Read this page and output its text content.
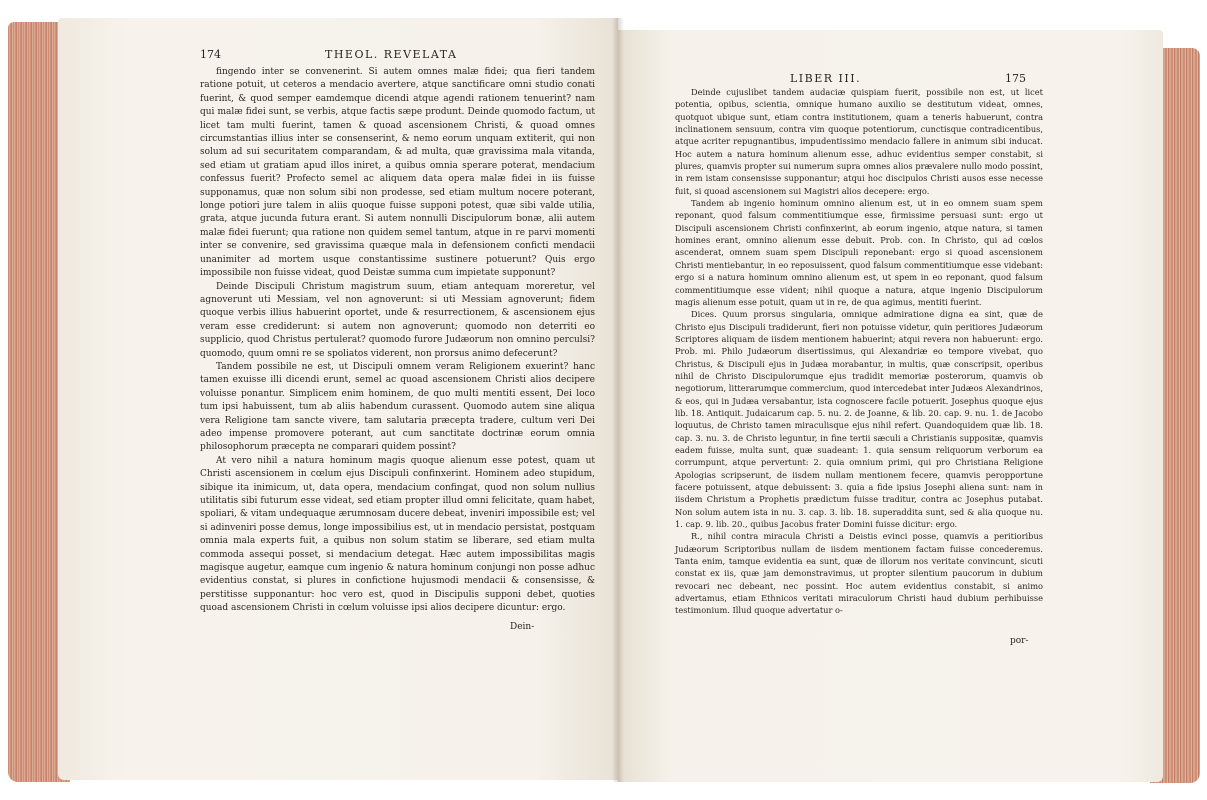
174	THEOL. REVELATA

fingendo inter se convenerint. Si autem omnes malæ fidei; qua fieri tandem ratione potuit, ut ceteros a mendacio avertere, atque sanctificare omni studio conati fuerint, & quod semper eamdemque dicendi atque agendi rationem tenuerint? nam qui malæ fidei sunt, se verbis, atque factis sæpe produnt. Deinde quomodo factum, ut licet tam multi fuerint, tamen & quoad ascensionem Christi, & quoad omnes circumstantias illius inter se consenserint, & nemo eorum unquam extiterit, qui non solum ad sui securitatem comparandam, & ad multa, quæ gravissima mala vitanda, sed etiam ut gratiam apud illos iniret, a quibus omnia sperare poterat, mendacium confessus fuerit? Profecto semel ac aliquem data opera malæ fidei in iis fuisse supponamus, quæ non solum sibi non prodesse, sed etiam multum nocere poterant, longe potiori jure talem in aliis quoque fuisse supponi potest, quæ sibi valde utilia, grata, atque jucunda futura erant. Si autem nonnulli Discipulorum bonæ, alii autem malæ fidei fuerunt; qua ratione non quidem semel tantum, atque in re parvi momenti inter se convenire, sed gravissima quæque mala in defensionem conficti mendacii unanimiter ad mortem usque constantissime sustinere potuerunt? Quis ergo impossibile non fuisse videat, quod Deistæ summa cum impietate supponunt?

Deinde Discipuli Christum magistrum suum, etiam antequam moreretur, vel agnoverunt uti Messiam, vel non agnoverunt: si uti Messiam agnoverunt; fidem quoque verbis illius habuerint oportet, unde & resurrectionem, & ascensionem ejus veram esse crediderunt: si autem non agnoverunt; quomodo non deterriti eo supplicio, quod Christus pertulerat? quomodo furore Judæorum non omnino perculsi? quomodo, quum omni re se spoliatos viderent, non prorsus animo defecerunt?

Tandem possibile ne est, ut Discipuli omnem veram Religionem exuerint? hanc tamen exuisse illi dicendi erunt, semel ac quoad ascensionem Christi alios decipere voluisse ponantur. Simplicem enim hominem, de quo multi mentiti essent, Dei loco tum ipsi habuissent, tum ab aliis habendum curassent. Quomodo autem sine aliqua vera Religione tam sancte vivere, tam salutaria præcepta tradere, cultum veri Dei adeo impense promovere poterant, aut cum sanctitate doctrinæ eorum omnia philosophorum præcepta ne comparari quidem possint?

At vero nihil a natura hominum magis quoque alienum esse potest, quam ut Christi ascensionem in cœlum ejus Discipuli confinxerint. Hominem adeo stupidum, sibique ita inimicum, ut, data opera, mendacium confingat, quod non solum nullius utilitatis sibi futurum esse videat, sed etiam propter illud omni felicitate, quam habet, spoliari, & vitam undequaque ærumnosam ducere debeat, inveniri impossibile est; vel si adinveniri posse demus, longe impossibilius est, ut in mendacio persistat, postquam omnia mala experts fuit, a quibus non solum statim se liberare, sed etiam multa commoda assequi posset, si mendacium detegat. Hæc autem impossibilitas magis magisque augetur, eamque cum ingenio & natura hominum conjungi non posse adhuc evidentius constat, si plures in confictione hujusmodi mendacii & consensisse, & perstitisse supponantur: hoc vero est, quod in Discipulis supponi debet, quoties quoad ascensionem Christi in cœlum voluisse ipsi alios decipere dicuntur: ergo.

Dein-
LIBER III.	175

Deinde cujuslibet tandem audaciæ quispiam fuerit, possibile non est, ut licet potentia, opibus, scientia, omnique humano auxilio se destitutum videat, omnes, quotquot ubique sunt, etiam contra institutionem, quam a teneris habuerunt, contra inclinationem sensuum, contra vim quoque potentiorum, cunctisque contradicentibus, atque acriter repugnantibus, impudentissimo mendacio fallere in animum sibi inducat. Hoc autem a natura hominum alienum esse, adhuc evidentius semper constabit, si plures, quamvis propter sui numerum supra omnes alios prævalere nullo modo possint, in rem istam consensisse supponantur; atqui hoc discipulos Christi ausos esse necesse fuit, si quoad ascensionem sui Magistri alios decepere: ergo.

Tandem ab ingenio hominum omnino alienum est, ut in eo omnem suam spem reponant, quod falsum commentitiumque esse, firmissime persuasi sunt: ergo ut Discipuli ascensionem Christi confinxerint, ab eorum ingenio, atque natura, si tamen homines erant, omnino alienum esse debuit. Prob. con. In Christo, qui ad cœlos ascenderat, omnem suam spem Discipuli reponebant: ergo si quoad ascensionem Christi mentiebantur, in eo reposuissent, quod falsum commentitiumque esse videbant: ergo si a natura hominum omnino alienum est, ut spem in eo reponant, quod falsum commentitiumque esse vident; nihil quoque a natura, atque ingenio Discipulorum magis alienum esse potuit, quam ut in re, de qua agimus, mentiti fuerint.

Dices. Quum prorsus singularia, omnique admiratione digna ea sint, quæ de Christo ejus Discipuli tradiderunt, fieri non potuisse videtur, quin peritiores Judæorum Scriptores aliquam de iisdem mentionem habuerint; atqui revera non habuerunt: ergo. Prob. mi. Philo Judæorum disertissimus, qui Alexandriæ eo tempore vivebat, quo Christus, & Discipuli ejus in Judæa morabantur, in multis, quæ conscripsit, operibus nihil de Christo Discipulorumque ejus tradidit memoriæ posterorum, quamvis ob negotiorum, litterarumque commercium, quod intercedebat inter Judæos Alexandrinos, & eos, qui in Judæa versabantur, ista cognoscere facile potuerit. Josephus quoque ejus lib. 18. Antiquit. Judaicarum cap. 5. nu. 2. de Joanne, & lib. 20. cap. 9. nu. 1. de Jacobo loquutus, de Christo tamen miraculisque ejus nihil refert. Quandoquidem quæ lib. 18. cap. 3. nu. 3. de Christo leguntur, in fine tertii sæculi a Christianis suppositæ, quamvis eadem fuisse, multa sunt, quæ suadeant: 1. quia sensum reliquorum verborum ea corrumpunt, atque pervertunt: 2. quia omnium primi, qui pro Christiana Religione Apologias scripserunt, de iisdem nullam mentionem fecere, quamvis peropportune facere potuissent, atque debuissent: 3. quia a fide ipsius Josephi aliena sunt: nam in iisdem Christum a Prophetis prædictum fuisse traditur, contra ac Josephus putabat. Non solum autem ista in nu. 3. cap. 3. lib. 18. superaddita sunt, sed & alia quoque nu. 1. cap. 9. lib. 20., quibus Jacobus frater Domini fuisse dicitur: ergo.

R., nihil contra miracula Christi a Deistis evinci posse, quamvis a peritioribus Judæorum Scriptoribus nullam de iisdem mentionem factam fuisse concederemus. Tanta enim, tamque evidentia ea sunt, quæ de illorum nos veritate convincunt, sicuti constat ex iis, quæ jam demonstravimus, ut propter silentium paucorum in dubium revocari nec debeant, nec possint. Hoc autem evidentius constabit, si animo advertamus, etiam Ethnicos veritati miraculorum Christi haud dubium perhibuisse testimonium. Illud quoque advertatur o-

por-
